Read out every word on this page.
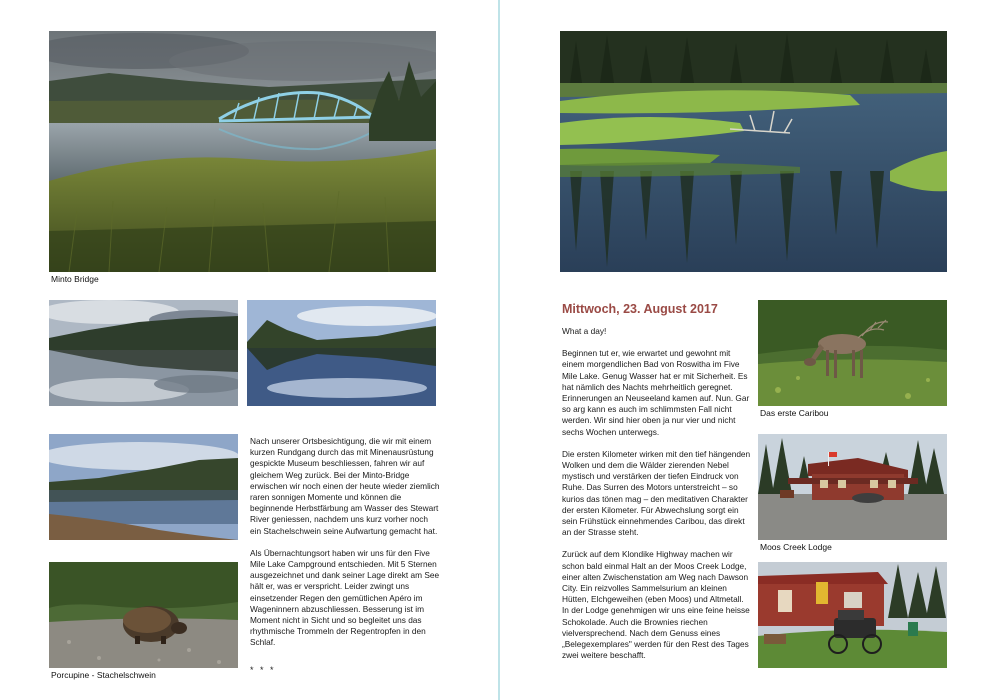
Minto Bridge
Porcupine - Stachelschwein

Nach unserer Ortsbesichtigung, die wir mit einem kurzen Rundgang durch das mit Minenausrüstung gespickte Museum beschliessen, fahren wir auf gleichem Weg zurück. Bei der Minto-Bridge erwischen wir noch einen der heute wieder ziemlich raren sonnigen Momente und können die beginnende Herbstfärbung am Wasser des Stewart River geniessen, nachdem uns kurz vorher noch ein Stachelschwein seine Aufwartung gemacht hat.

Als Übernachtungsort haben wir uns für den Five Mile Lake Campground entschieden. Mit 5 Sternen ausgezeichnet und dank seiner Lage direkt am See hält er, was er verspricht. Leider zwingt uns einsetzender Regen den gemütlichen Apéro im Wageninnern abzuschliessen. Besserung ist im Moment nicht in Sicht und so begleitet uns das rhythmische Trommeln der Regentropfen in den Schlaf.

* * *
Mittwoch, 23. August 2017

What a day!

Beginnen tut er, wie erwartet und gewohnt mit einem morgendlichen Bad von Roswitha im Five Mile Lake. Genug Wasser hat er mit Sicherheit. Es hat nämlich des Nachts mehrheitlich geregnet. Erinnerungen an Neuseeland kamen auf. Nun. Gar so arg kann es auch im schlimmsten Fall nicht werden. Wir sind hier oben ja nur vier und nicht sechs Wochen unterwegs.

Die ersten Kilometer wirken mit den tief hängenden Wolken und dem die Wälder zierenden Nebel mystisch und verstärken der tiefen Eindruck von Ruhe. Das Surren des Motors unterstreicht – so kurios das tönen mag – den meditativen Charakter der ersten Kilometer. Für Abwechslung sorgt ein sein Frühstück einnehmendes Caribou, das direkt an der Strasse steht.

Zurück auf dem Klondike Highway machen wir schon bald einmal Halt an der Moos Creek Lodge, einer alten Zwischenstation am Weg nach Dawson City. Ein reizvolles Sammelsurium an kleinen Hütten, Elchgeweihen (eben Moos) und Altmetall. In der Lodge genehmigen wir uns eine feine heisse Schokolade. Auch die Brownies riechen vielversprechend. Nach dem Genuss eines „Belegexemplares" werden für den Rest des Tages zwei weitere beschafft.

Das erste Caribou
Moos Creek Lodge
